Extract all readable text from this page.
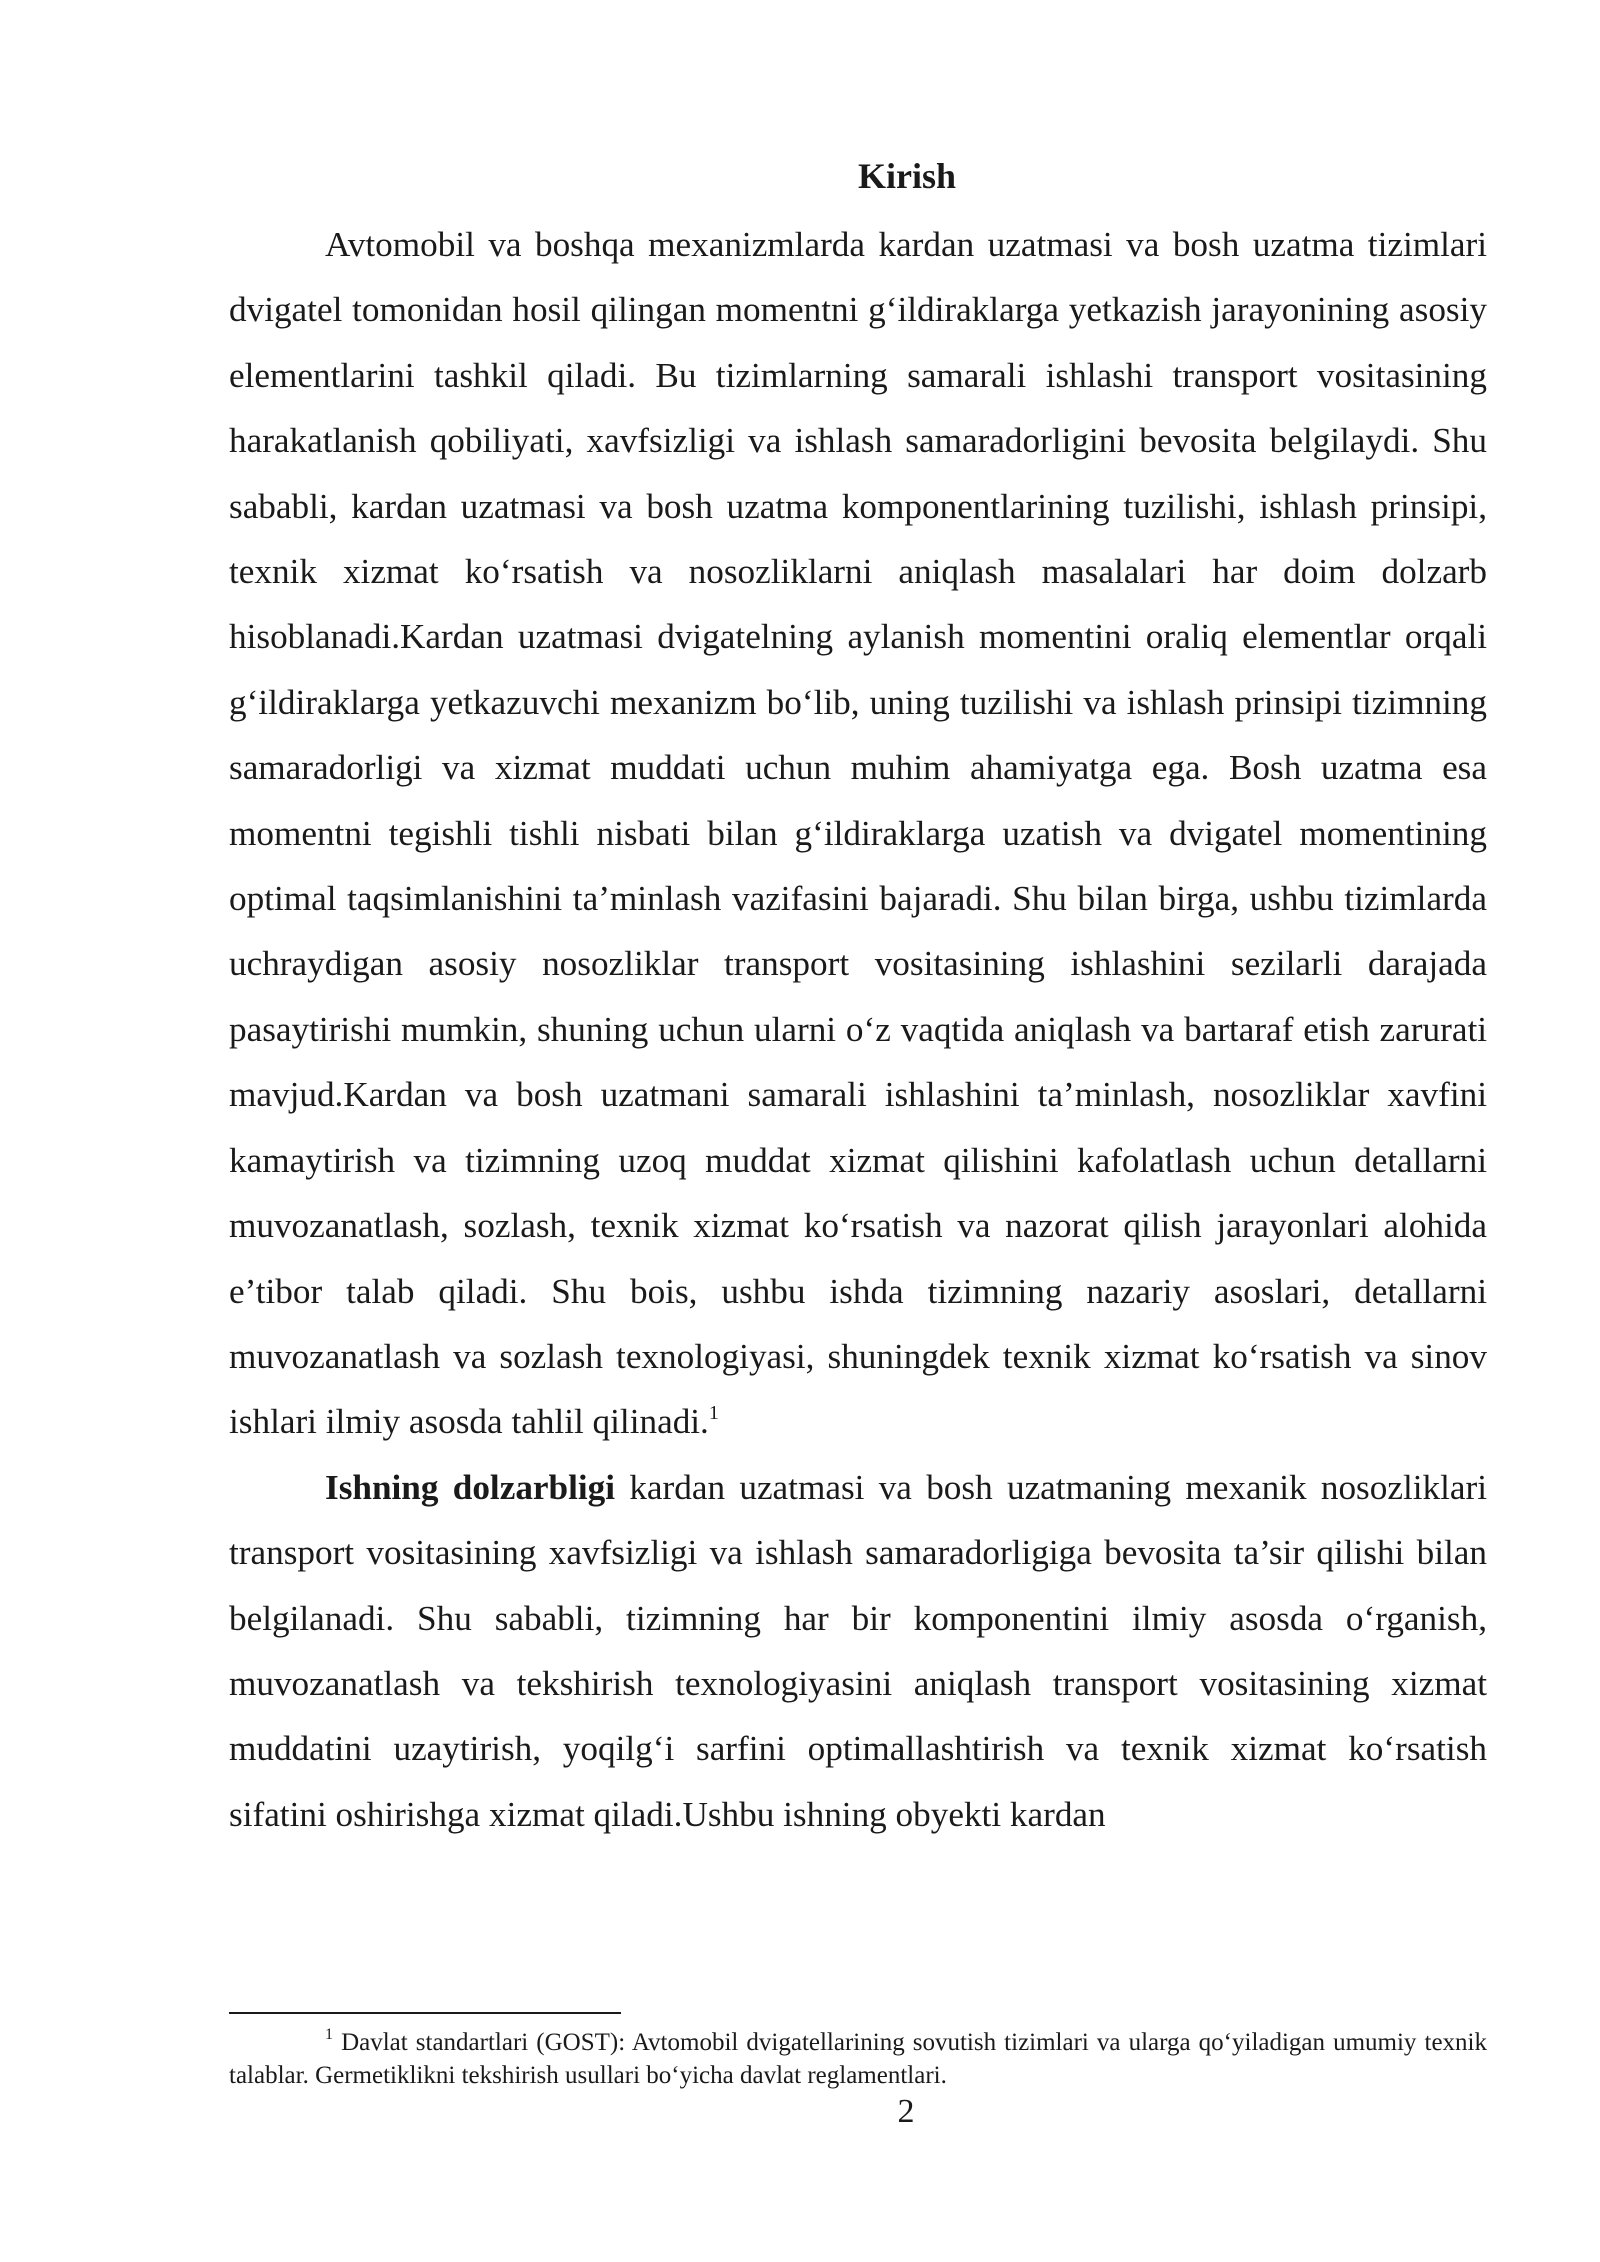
Kirish

Avtomobil va boshqa mexanizmlarda kardan uzatmasi va bosh uzatma tizimlari dvigatel tomonidan hosil qilingan momentni g‘ildiraklarga yetkazish jarayonining asosiy elementlarini tashkil qiladi. Bu tizimlarning samarali ishlashi transport vositasining harakatlanish qobiliyati, xavfsizligi va ishlash samaradorligini bevosita belgilaydi. Shu sababli, kardan uzatmasi va bosh uzatma komponentlarining tuzilishi, ishlash prinsipi, texnik xizmat ko‘rsatish va nosozliklarni aniqlash masalalari har doim dolzarb hisoblanadi.Kardan uzatmasi dvigatelning aylanish momentini oraliq elementlar orqali g‘ildiraklarga yetkazuvchi mexanizm bo‘lib, uning tuzilishi va ishlash prinsipi tizimning samaradorligi va xizmat muddati uchun muhim ahamiyatga ega. Bosh uzatma esa momentni tegishli tishli nisbati bilan g‘ildiraklarga uzatish va dvigatel momentining optimal taqsimlanishini ta’minlash vazifasini bajaradi. Shu bilan birga, ushbu tizimlarda uchraydigan asosiy nosozliklar transport vositasining ishlashini sezilarli darajada pasaytirishi mumkin, shuning uchun ularni o‘z vaqtida aniqlash va bartaraf etish zarurati mavjud.Kardan va bosh uzatmani samarali ishlashini ta’minlash, nosozliklar xavfini kamaytirish va tizimning uzoq muddat xizmat qilishini kafolatlash uchun detallarni muvozanatlash, sozlash, texnik xizmat ko‘rsatish va nazorat qilish jarayonlari alohida e’tibor talab qiladi. Shu bois, ushbu ishda tizimning nazariy asoslari, detallarni muvozanatlash va sozlash texnologiyasi, shuningdek texnik xizmat ko‘rsatish va sinov ishlari ilmiy asosda tahlil qilinadi.$^1$

Ishning dolzarbligi kardan uzatmasi va bosh uzatmaning mexanik nosozliklari transport vositasining xavfsizligi va ishlash samaradorligiga bevosita ta’sir qilishi bilan belgilanadi. Shu sababli, tizimning har bir komponentini ilmiy asosda o‘rganish, muvozanatlash va tekshirish texnologiyasini aniqlash transport vositasining xizmat muddatini uzaytirish, yoqilg‘i sarfini optimallashtirish va texnik xizmat ko‘rsatish sifatini oshirishga xizmat qiladi.Ushbu ishning obyekti kardan

$^1$ Davlat standartlari (GOST): Avtomobil dvigatellarining sovutish tizimlari va ularga qo‘yiladigan umumiy texnik talablar. Germetiklikni tekshirish usullari bo‘yicha davlat reglamentlari.

2
